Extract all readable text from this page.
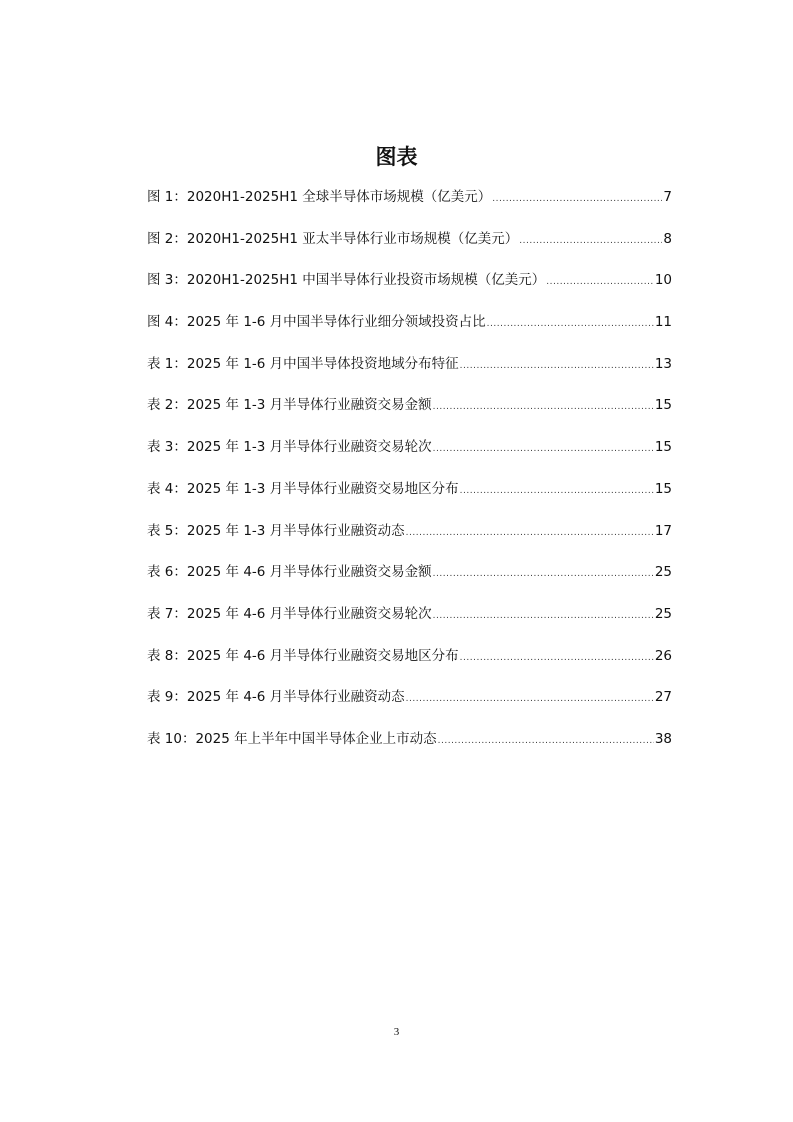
图表
图 1：2020H1-2025H1 全球半导体市场规模（亿美元） .....	7
图 2：2020H1-2025H1 亚太半导体行业市场规模（亿美元） .....	8
图 3：2020H1-2025H1 中国半导体行业投资市场规模（亿美元） .....	10
图 4：2025 年 1-6 月中国半导体行业细分领域投资占比 .....	11
表 1：2025 年 1-6 月中国半导体投资地域分布特征 .....	13
表 2：2025 年 1-3 月半导体行业融资交易金额 .....	15
表 3：2025 年 1-3 月半导体行业融资交易轮次 .....	15
表 4：2025 年 1-3 月半导体行业融资交易地区分布 .....	15
表 5：2025 年 1-3 月半导体行业融资动态 .....	17
表 6：2025 年 4-6 月半导体行业融资交易金额 .....	25
表 7：2025 年 4-6 月半导体行业融资交易轮次 .....	25
表 8：2025 年 4-6 月半导体行业融资交易地区分布 .....	26
表 9：2025 年 4-6 月半导体行业融资动态 .....	27
表 10：2025 年上半年中国半导体企业上市动态 .....	38
3
